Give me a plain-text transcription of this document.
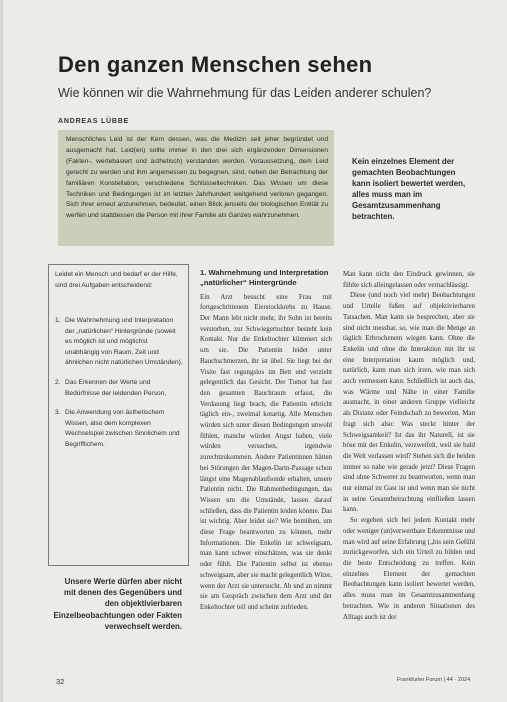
Den ganzen Menschen sehen
Wie können wir die Wahrnehmung für das Leiden anderer schulen?
ANDREAS LÜBBE
Menschliches Leid ist der Kern dessen, was die Medizin seit jeher begründet und ausgemacht hat. Leid(en) sollte immer in den drei sich ergänzenden Dimensionen (Fakten-, wertebasiert und ästhetisch) verstanden werden. Voraussetzung, dem Leid gerecht zu werden und ihm angemessen zu begegnen, sind, neben der Betrachtung der familiären Konstellation, verschiedene Schlüsseltechniken. Das Wissen um diese Techniken und Bedingungen ist im letzten Jahrhundert weitgehend verloren gegangen. Sich ihrer erneut anzunehmen, bedeutet, einen Blick jenseits der biologischen Entität zu werfen und stattdessen die Person mit ihrer Familie als Ganzes wahrzunehmen.
Kein einzelnes Element der gemachten Beobachtungen kann isoliert bewertet werden, alles muss man im Gesamtzusammenhang betrachten.
Leidet ein Mensch und bedarf er der Hilfe, sind drei Aufgaben entscheidend:
1. Die Wahrnehmung und Interpretation der „natürlichen“ Hintergründe (soweit es möglich ist und möglichst unabhängig von Raum, Zeit und ähnlichen nicht natürlichen Umständen),
2. Das Erkennen der Werte und Bedürfnisse der leidenden Person,
3. Die Anwendung von ästhetischem Wissen, also dem komplexen Wechselspiel zwischen Sinnlichem und Begrifflichem.
Unsere Werte dürfen aber nicht mit denen des Gegenübers und den objektivierbaren Einzelbeobachtungen oder Fakten verwechselt werden.
1. Wahrnehmung und Interpretation „natürlicher“ Hintergründe

Ein Arzt besucht eine Frau mit fortgeschrittenem Eierstockkrebs zu Hause. Der Mann lebt nicht mehr, ihr Sohn ist bereits verstorben, zur Schwiegertochter besteht kein Kontakt. Nur die Enkeltochter kümmert sich um sie. Die Patientin leidet unter Bauchschmerzen, ihr ist übel. Sie liegt bei der Visite fast regungslos im Bett und verzieht gelegentlich das Gesicht. Der Tumor hat fast den gesamten Bauchraum erfasst, die Verdauung liegt brach, die Patientin erbricht täglich ein-, zweimal kotartig. Alle Menschen würden sich unter diesen Bedingungen unwohl fühlen, manche würden Angst haben, viele würden versuchen, irgendwie zurechtzukommen. Andere Patientinnen hätten bei Störungen der Magen-Darm-Passage schon längst eine Magenablaufsonde erhalten, unsere Patientin nicht. Die Rahmenbedingungen, das Wissen um die Umstände, lassen darauf schließen, dass die Patientin leiden könnte. Das ist wichtig. Aber leidet sie? Wie bemühen, um diese Frage beantworten zu können, mehr Informationen. Die Enkelin ist schweigsam, man kann schwer einschätzen, was sie denkt oder fühlt. Die Patientin selbst ist ebenso schweigsam, aber sie macht gelegentlich Witze, wenn der Arzt sie untersucht. Ab und an nimmt sie am Gespräch zwischen dem Arzt und der Enkeltochter teil und scheint zufrieden.

Man kann nicht den Eindruck gewinnen, sie fühlte sich alleingelassen oder vernachlässigt.

Diese (und noch viel mehr) Beobachtungen und Urteile fußen auf objektivierbaren Tatsachen. Man kann sie besprechen, aber sie sind nicht messbar, so, wie man die Menge an täglich Erbrochenem wiegen kann. Ohne die Enkelin und ohne die Interaktion mit ihr ist eine Interpretation kaum möglich und, natürlich, kann man sich irren, wie man sich auch vermessen kann. Schließlich ist auch das, was Wärme und Nähe in einer Familie ausmacht, in einer anderen Gruppe vielleicht als Distanz oder Feindschaft zu bewerten. Man fragt sich also: Was steckt hinter der Schweigsamkeit? Ist das ihr Naturell, ist sie böse mit der Enkelin, verzweifelt, weil sie bald die Welt verlassen wird? Stehen sich die beiden immer so nahe wie gerade jetzt? Diese Fragen sind ohne Schwerer zu beantworten, wenn man nur einmal zu Gast ist und wenn man sie nicht in seine Gesamtbetrachtung einfließen lassen kann.

So ergeben sich bei jedem Kontakt mehr oder weniger (un)verwertbare Erkenntnisse und man wird auf seine Erfahrung („bis sein Gefühl zurückgeworfen, sich ein Urteil zu bilden und die beste Entscheidung zu treffen. Kein einzelnes Element der gemachten Beobachtungen kann isoliert bewertet werden, alles muss man im Gesamtzusammenhang betrachten. Wie in anderen Situationen des Alltags auch ist der

32	Frankfurter Forum | 44 · 2024
